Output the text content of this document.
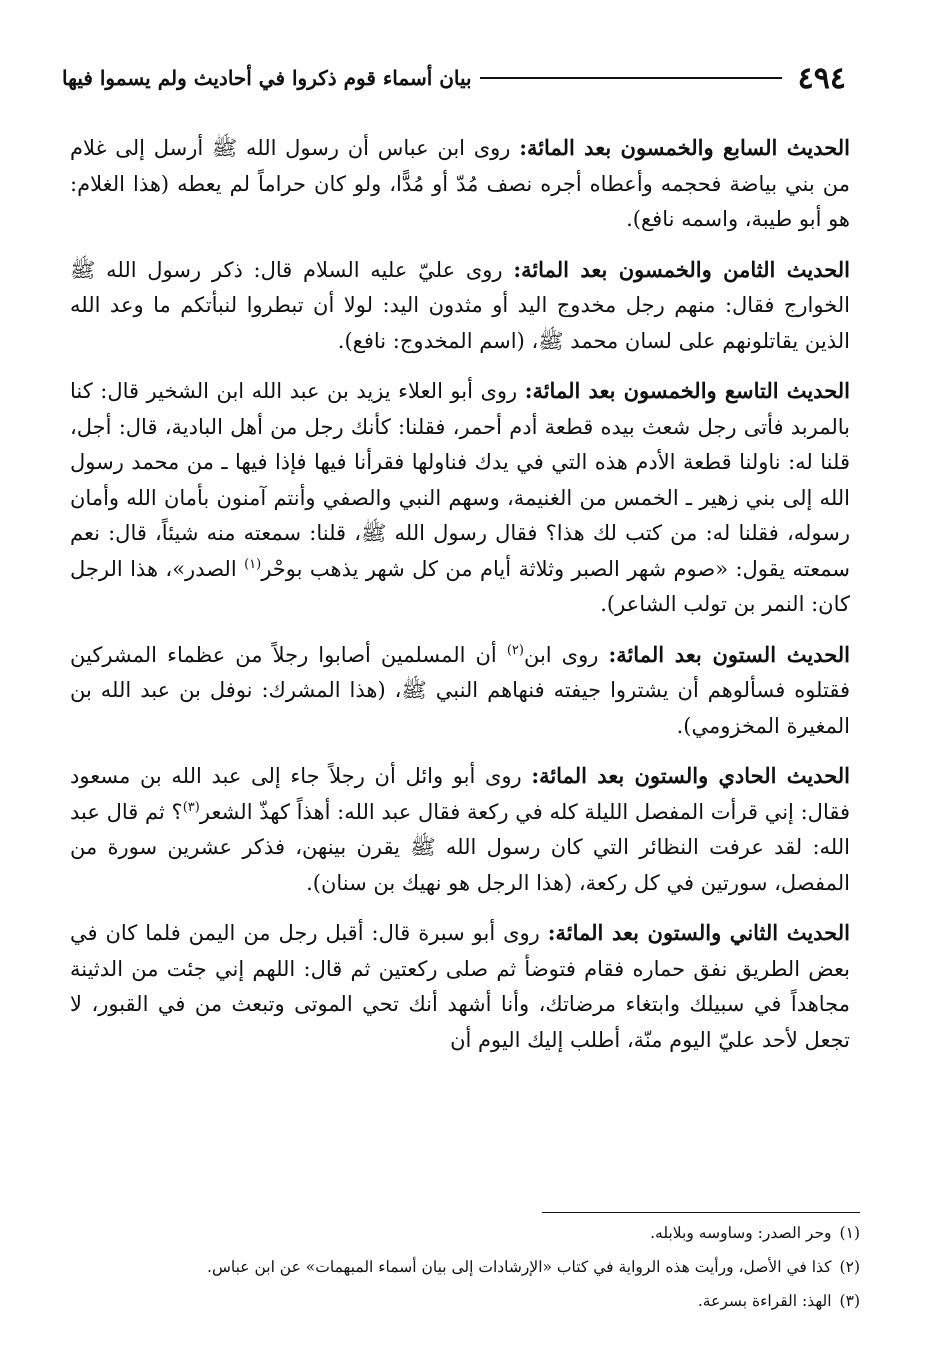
٤٩٤
بيان أسماء قوم ذكروا في أحاديث ولم يسموا فيها

الحديث السابع والخمسون بعد المائة: روى ابن عباس أن رسول الله ﷺ أرسل إلى غلام من بني بياضة فحجمه وأعطاه أجره نصف مُدّ أو مُدًّا، ولو كان حراماً لم يعطه (هذا الغلام: هو أبو طيبة، واسمه نافع).

الحديث الثامن والخمسون بعد المائة: روى عليّ عليه السلام قال: ذكر رسول الله ﷺ الخوارج فقال: منهم رجل مخدوج اليد أو مثدون اليد: لولا أن تبطروا لنبأتكم ما وعد الله الذين يقاتلونهم على لسان محمد ﷺ، (اسم المخدوج: نافع).

الحديث التاسع والخمسون بعد المائة: روى أبو العلاء يزيد بن عبد الله ابن الشخير قال: كنا بالمربد فأتى رجل شعث بيده قطعة أدم أحمر، فقلنا: كأنك رجل من أهل البادية، قال: أجل، قلنا له: ناولنا قطعة الأدم هذه التي في يدك فناولها فقرأنا فيها فإذا فيها ـ من محمد رسول الله إلى بني زهير ـ الخمس من الغنيمة، وسهم النبي والصفي وأنتم آمنون بأمان الله وأمان رسوله، فقلنا له: من كتب لك هذا؟ فقال رسول الله ﷺ، قلنا: سمعته منه شيئاً، قال: نعم سمعته يقول: «صوم شهر الصبر وثلاثة أيام من كل شهر يذهب بوحْر$^{(١)}$ الصدر»، هذا الرجل كان: النمر بن تولب الشاعر).

الحديث الستون بعد المائة: روى ابن$^{(٢)}$ أن المسلمين أصابوا رجلاً من عظماء المشركين فقتلوه فسألوهم أن يشتروا جيفته فنهاهم النبي ﷺ، (هذا المشرك: نوفل بن عبد الله بن المغيرة المخزومي).

الحديث الحادي والستون بعد المائة: روى أبو وائل أن رجلاً جاء إلى عبد الله بن مسعود فقال: إني قرأت المفصل الليلة كله في ركعة فقال عبد الله: أهذاً كهذّ الشعر$^{(٣)}$؟ ثم قال عبد الله: لقد عرفت النظائر التي كان رسول الله ﷺ يقرن بينهن، فذكر عشرين سورة من المفصل، سورتين في كل ركعة، (هذا الرجل هو نهيك بن سنان).

الحديث الثاني والستون بعد المائة: روى أبو سبرة قال: أقبل رجل من اليمن فلما كان في بعض الطريق نفق حماره فقام فتوضأ ثم صلى ركعتين ثم قال: اللهم إني جئت من الدثينة مجاهداً في سبيلك وابتغاء مرضاتك، وأنا أشهد أنك تحي الموتى وتبعث من في القبور، لا تجعل لأحد عليّ اليوم منّة، أطلب إليك اليوم أن

(١)وحر الصدر: وساوسه وبلابله.
(٢)كذا في الأصل، ورأيت هذه الرواية في كتاب «الإرشادات إلى بيان أسماء المبهمات» عن ابن عباس.
(٣)الهذ: القراءة بسرعة.
